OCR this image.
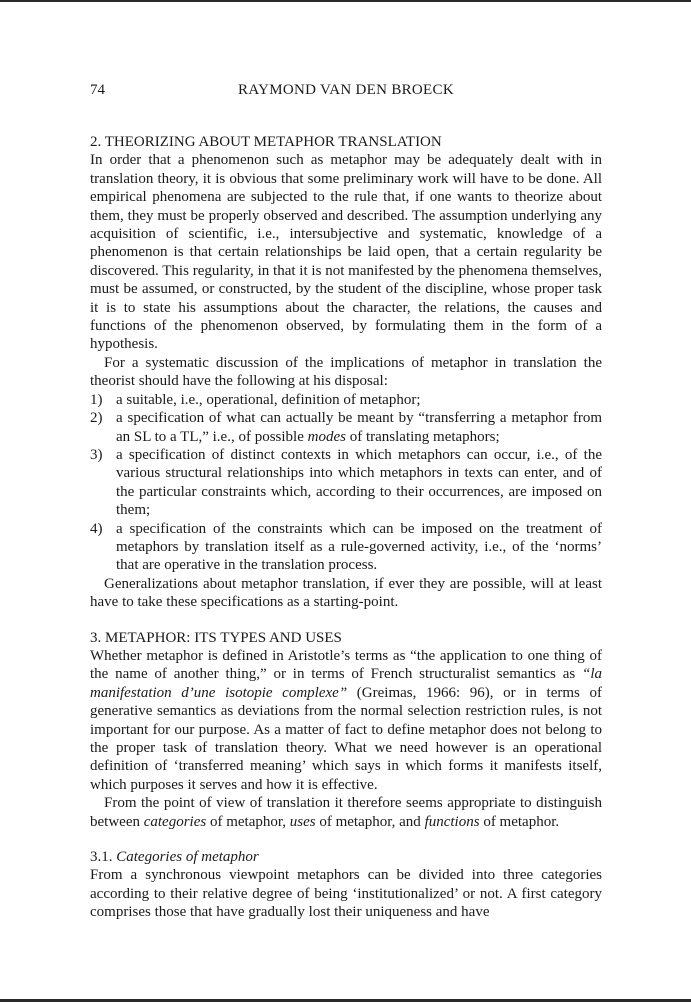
74	RAYMOND VAN DEN BROECK
2. THEORIZING ABOUT METAPHOR TRANSLATION

In order that a phenomenon such as metaphor may be adequately dealt with in translation theory, it is obvious that some preliminary work will have to be done. All empirical phenomena are subjected to the rule that, if one wants to theorize about them, they must be properly observed and described. The assumption underlying any acquisition of scientific, i.e., intersubjective and systematic, knowledge of a phenomenon is that certain relationships be laid open, that a certain regularity be discovered. This regularity, in that it is not manifested by the phenomena themselves, must be assumed, or constructed, by the student of the discipline, whose proper task it is to state his assumptions about the character, the relations, the causes and functions of the phenomenon observed, by formulating them in the form of a hypothesis.

For a systematic discussion of the implications of metaphor in translation the theorist should have the following at his disposal:

1) a suitable, i.e., operational, definition of metaphor;
2) a specification of what can actually be meant by “transferring a metaphor from an SL to a TL,” i.e., of possible modes of translating metaphors;
3) a specification of distinct contexts in which metaphors can occur, i.e., of the various structural relationships into which metaphors in texts can enter, and of the particular constraints which, according to their occurrences, are imposed on them;
4) a specification of the constraints which can be imposed on the treatment of metaphors by translation itself as a rule-governed activity, i.e., of the ‘norms’ that are operative in the translation process.

Generalizations about metaphor translation, if ever they are possible, will at least have to take these specifications as a starting-point.

3. METAPHOR: ITS TYPES AND USES

Whether metaphor is defined in Aristotle’s terms as “the application to one thing of the name of another thing,” or in terms of French structuralist semantics as “la manifestation d’une isotopie complexe” (Greimas, 1966: 96), or in terms of generative semantics as deviations from the normal selection restriction rules, is not important for our purpose. As a matter of fact to define metaphor does not belong to the proper task of translation theory. What we need however is an operational definition of ‘transferred meaning’ which says in which forms it manifests itself, which purposes it serves and how it is effective.

From the point of view of translation it therefore seems appropriate to distinguish between categories of metaphor, uses of metaphor, and functions of metaphor.

3.1. Categories of metaphor

From a synchronous viewpoint metaphors can be divided into three categories according to their relative degree of being ‘institutionalized’ or not. A first category comprises those that have gradually lost their uniqueness and have
